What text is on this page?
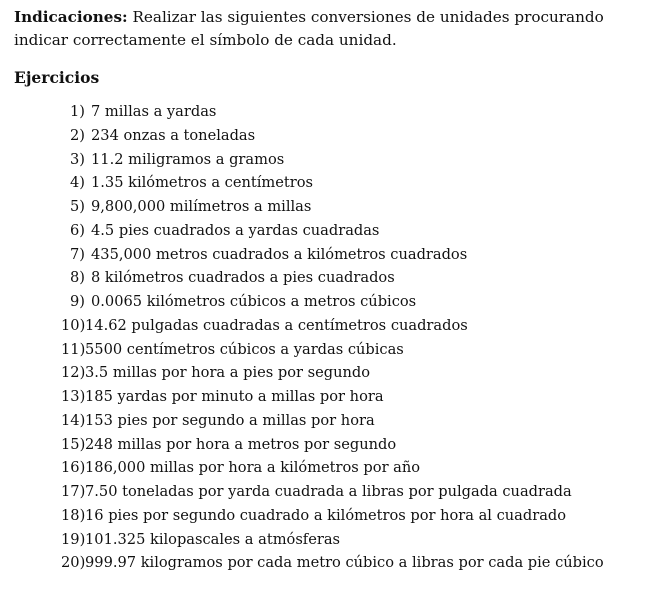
Indicaciones: Realizar las siguientes conversiones de unidades procurando indicar correctamente el símbolo de cada unidad.

Ejercicios
1) 7 millas a yardas
2) 234 onzas a toneladas
3) 11.2 miligramos a gramos
4) 1.35 kilómetros a centímetros
5) 9,800,000 milímetros a millas
6) 4.5 pies cuadrados a yardas cuadradas
7) 435,000 metros cuadrados a kilómetros cuadrados
8) 8 kilómetros cuadrados a pies cuadrados
9) 0.0065 kilómetros cúbicos a metros cúbicos
10) 14.62 pulgadas cuadradas a centímetros cuadrados
11) 5500 centímetros cúbicos a yardas cúbicas
12) 3.5 millas por hora a pies por segundo
13) 185 yardas por minuto a millas por hora
14) 153 pies por segundo a millas por hora
15) 248 millas por hora a metros por segundo
16) 186,000 millas por hora a kilómetros por año
17) 7.50 toneladas por yarda cuadrada a libras por pulgada cuadrada
18) 16 pies por segundo cuadrado a kilómetros por hora al cuadrado
19) 101.325 kilopascales a atmósferas
20) 999.97 kilogramos por cada metro cúbico a libras por cada pie cúbico
